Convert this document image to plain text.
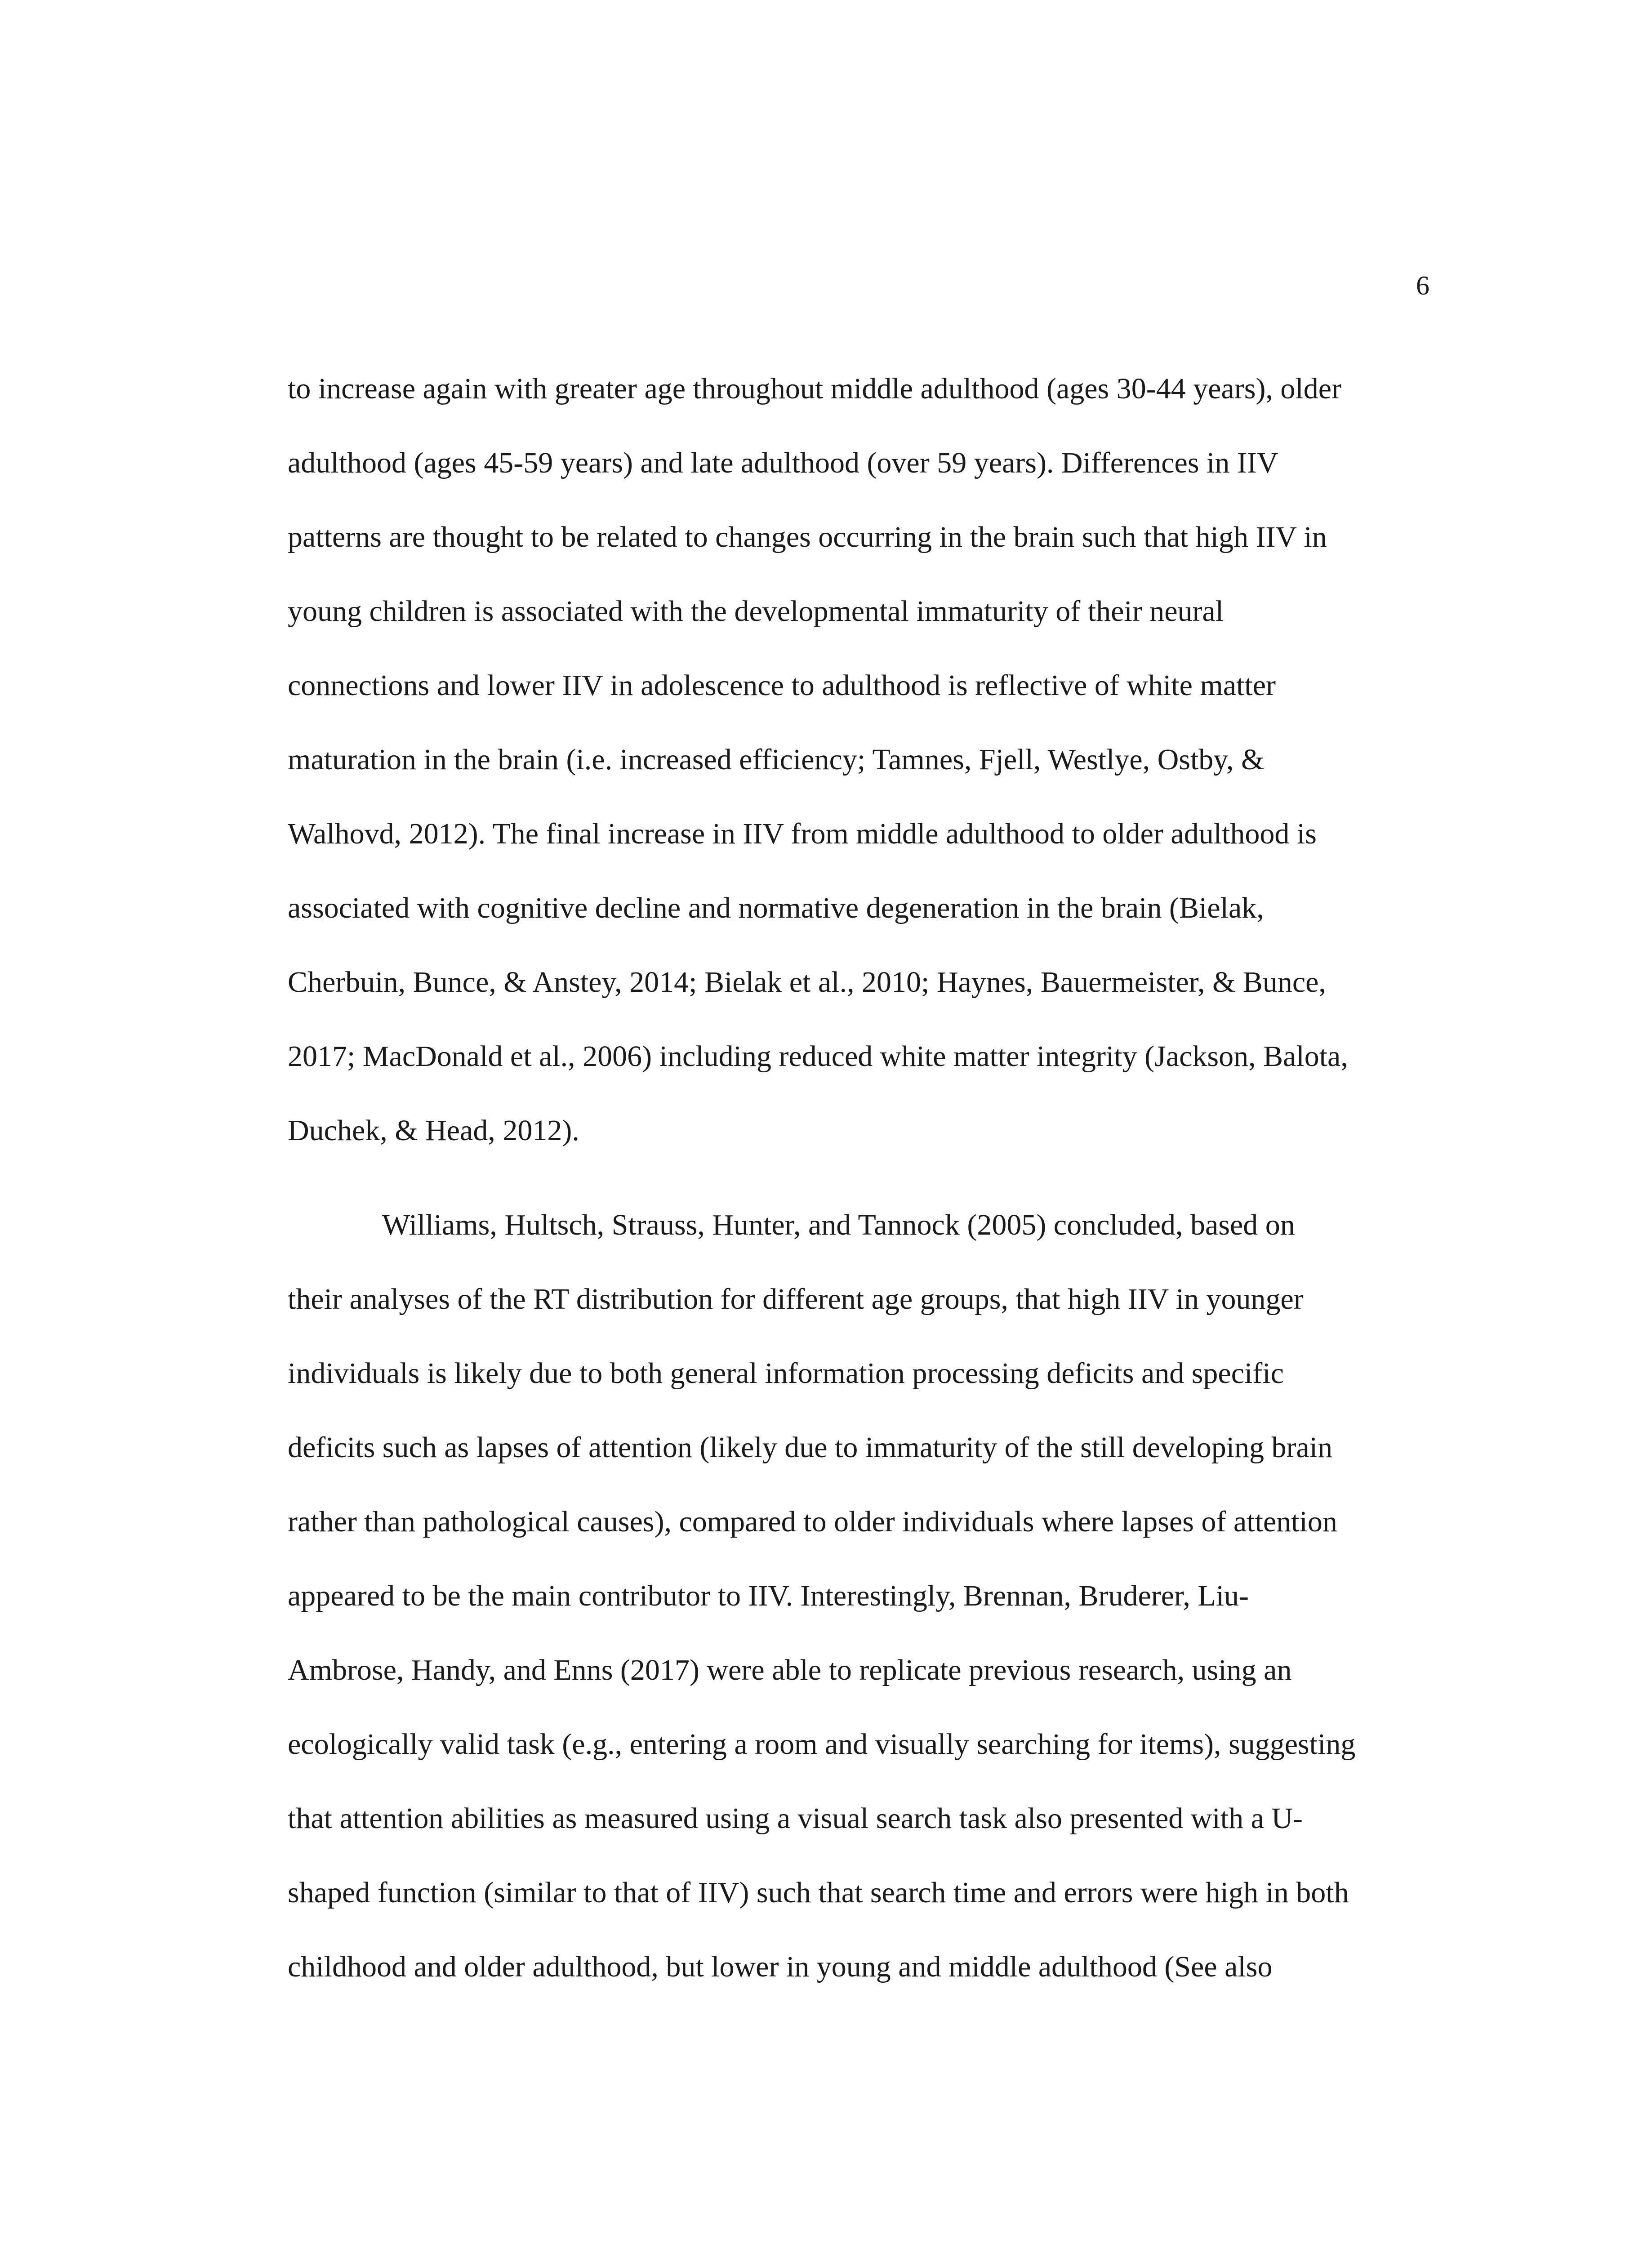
6
to increase again with greater age throughout middle adulthood (ages 30-44 years), older
adulthood (ages 45-59 years) and late adulthood (over 59 years). Differences in IIV
patterns are thought to be related to changes occurring in the brain such that high IIV in
young children is associated with the developmental immaturity of their neural
connections and lower IIV in adolescence to adulthood is reflective of white matter
maturation in the brain (i.e. increased efficiency; Tamnes, Fjell, Westlye, Ostby, &
Walhovd, 2012). The final increase in IIV from middle adulthood to older adulthood is
associated with cognitive decline and normative degeneration in the brain (Bielak,
Cherbuin, Bunce, & Anstey, 2014; Bielak et al., 2010; Haynes, Bauermeister, & Bunce,
2017; MacDonald et al., 2006) including reduced white matter integrity (Jackson, Balota,
Duchek, & Head, 2012).
Williams, Hultsch, Strauss, Hunter, and Tannock (2005) concluded, based on
their analyses of the RT distribution for different age groups, that high IIV in younger
individuals is likely due to both general information processing deficits and specific
deficits such as lapses of attention (likely due to immaturity of the still developing brain
rather than pathological causes), compared to older individuals where lapses of attention
appeared to be the main contributor to IIV. Interestingly, Brennan, Bruderer, Liu-
Ambrose, Handy, and Enns (2017) were able to replicate previous research, using an
ecologically valid task (e.g., entering a room and visually searching for items), suggesting
that attention abilities as measured using a visual search task also presented with a U-
shaped function (similar to that of IIV) such that search time and errors were high in both
childhood and older adulthood, but lower in young and middle adulthood (See also
